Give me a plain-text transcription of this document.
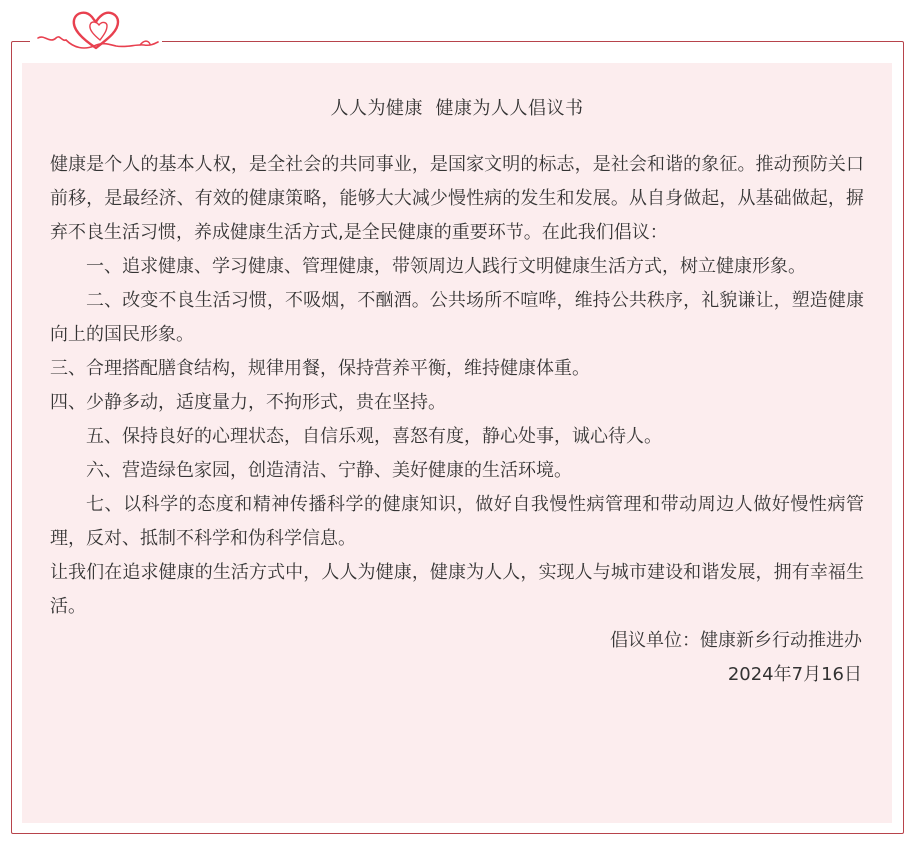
人人为健康  健康为人人倡议书

健康是个人的基本人权，是全社会的共同事业，是国家文明的标志，是社会和谐的象征。推动预防关口前移，是最经济、有效的健康策略，能够大大减少慢性病的发生和发展。从自身做起，从基础做起，摒弃不良生活习惯，养成健康生活方式,是全民健康的重要环节。在此我们倡议：

一、追求健康、学习健康、管理健康，带领周边人践行文明健康生活方式，树立健康形象。

二、改变不良生活习惯，不吸烟，不酗酒。公共场所不喧哗，维持公共秩序，礼貌谦让，塑造健康向上的国民形象。

三、合理搭配膳食结构，规律用餐，保持营养平衡，维持健康体重。

四、少静多动，适度量力，不拘形式，贵在坚持。

五、保持良好的心理状态，自信乐观，喜怒有度，静心处事，诚心待人。

六、营造绿色家园，创造清洁、宁静、美好健康的生活环境。

七、以科学的态度和精神传播科学的健康知识，做好自我慢性病管理和带动周边人做好慢性病管理，反对、抵制不科学和伪科学信息。

让我们在追求健康的生活方式中，人人为健康，健康为人人，实现人与城市建设和谐发展，拥有幸福生活。

倡议单位：健康新乡行动推进办

2024年7月16日
